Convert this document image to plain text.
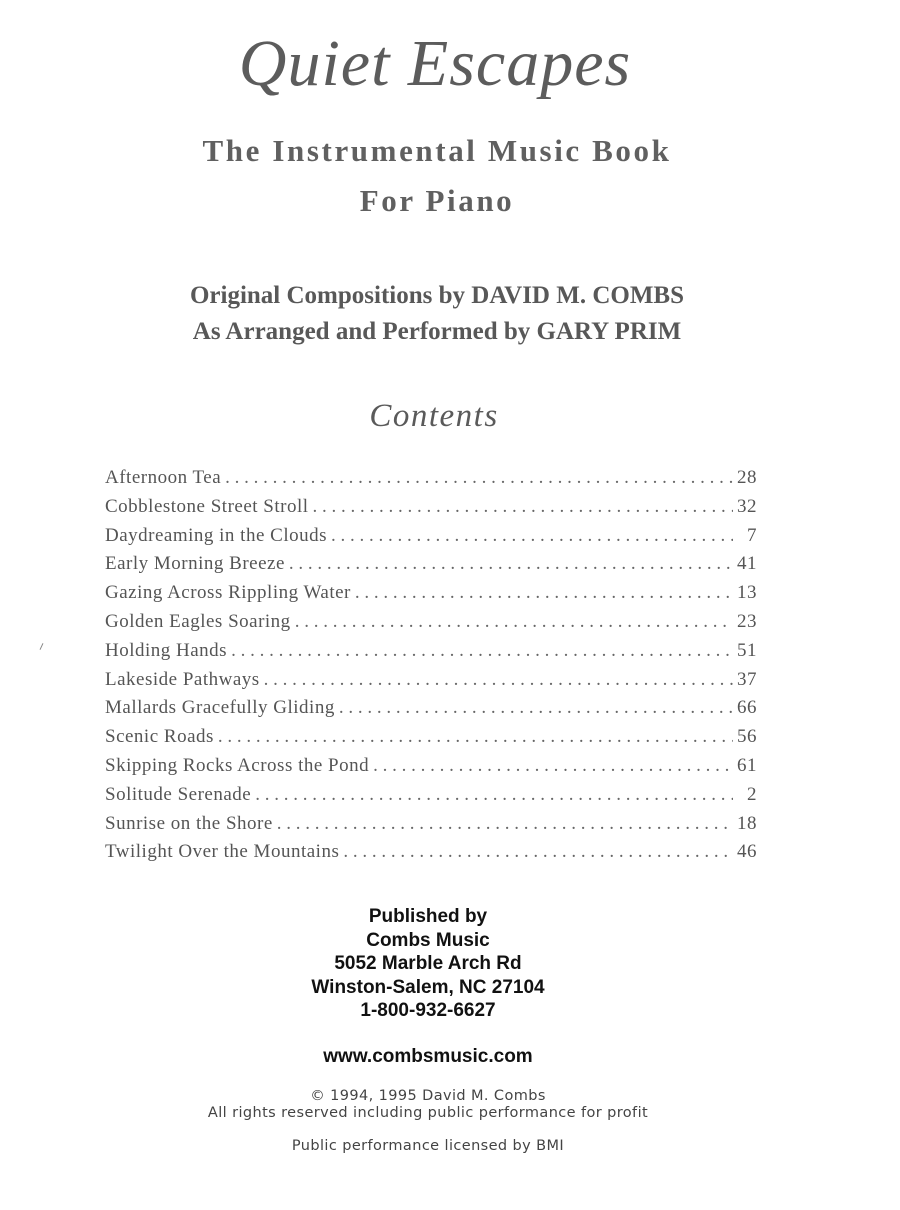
Quiet Escapes
The Instrumental Music Book
For Piano
Original Compositions by DAVID M. COMBS
As Arranged and Performed by GARY PRIM
Contents
Afternoon Tea . . .	28
Cobblestone Street Stroll . . .	32
Daydreaming in the Clouds . . .	7
Early Morning Breeze . . .	41
Gazing Across Rippling Water . . .	13
Golden Eagles Soaring . . .	23
Holding Hands . . .	51
Lakeside Pathways . . .	37
Mallards Gracefully Gliding . . .	66
Scenic Roads . . .	56
Skipping Rocks Across the Pond . . .	61
Solitude Serenade . . .	2
Sunrise on the Shore . . .	18
Twilight Over the Mountains . . .	46
Published by
Combs Music
5052 Marble Arch Rd
Winston-Salem, NC 27104
1-800-932-6627
www.combsmusic.com
© 1994, 1995 David M. Combs
All rights reserved including public performance for profit
Public performance licensed by BMI
